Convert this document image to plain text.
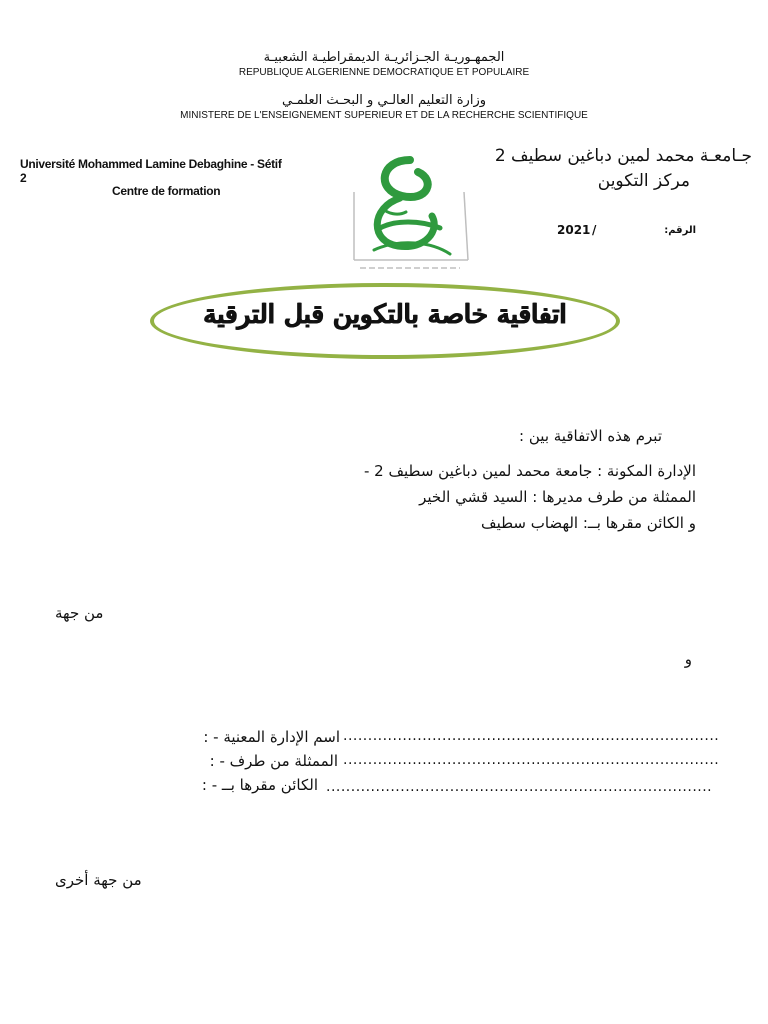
الجمهـوريـة الجـزائريـة الديمقراطيـة الشعبيـة
REPUBLIQUE ALGERIENNE DEMOCRATIQUE ET POPULAIRE
وزارة التعليم العالـي و البحـث العلمـي
MINISTERE DE L'ENSEIGNEMENT SUPERIEUR ET DE LA RECHERCHE SCIENTIFIQUE
Université Mohammed Lamine Debaghine - Sétif 2
Centre de formation
جـامعـة محمد لمين دباغين سطيف 2
مركز التكوين
الرقم:
/
2021
اتفاقية خاصة بالتكوين قبل الترقية
تبرم هذه الاتفاقية بين :
الإدارة المكونة : جامعة محمد لمين دباغين سطيف 2 -
الممثلة من طرف مديرها : السيد قشي الخير
و الكائن مقرها بــ: الهضاب سطيف
من جهة
و
اسم الإدارة المعنية - : ............................................................................
الممثلة من طرف - : ............................................................................
الكائن مقرها بــ - : ..............................................................................
من جهة أخرى
